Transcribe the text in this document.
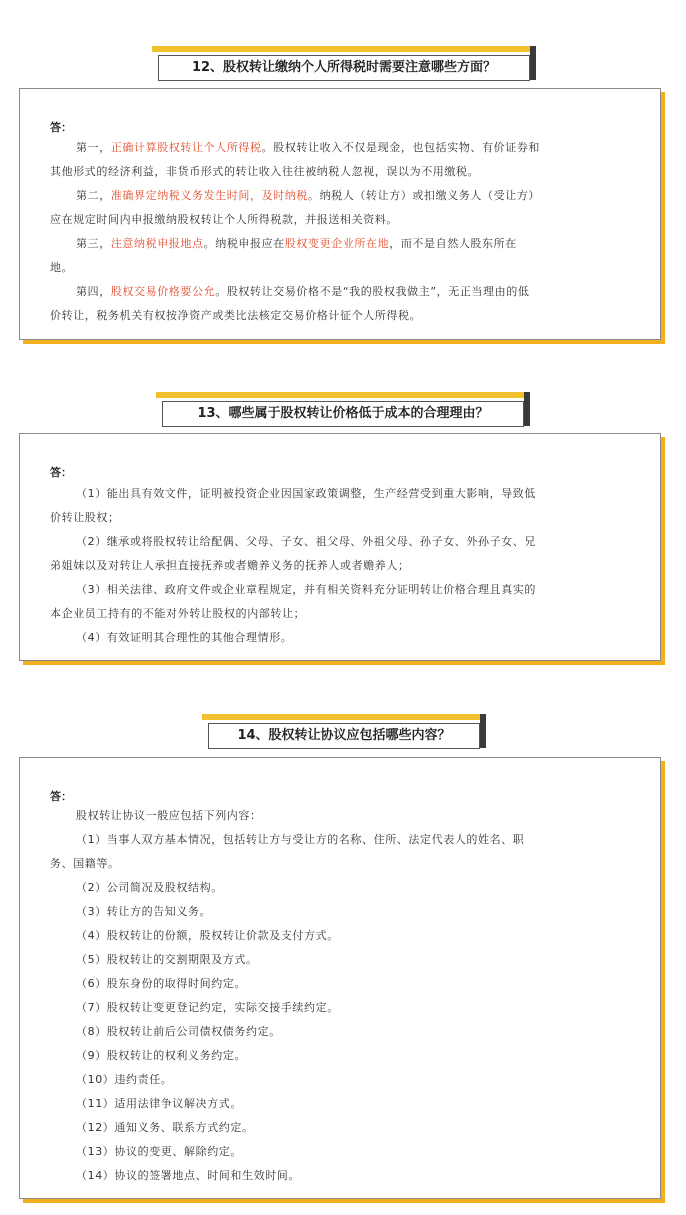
12、股权转让缴纳个人所得税时需要注意哪些方面？
答：
第一，正确计算股权转让个人所得税。股权转让收入不仅是现金，也包括实物、有价证券和
其他形式的经济利益，非货币形式的转让收入往往被纳税人忽视，误以为不用缴税。
第二，准确界定纳税义务发生时间，及时纳税。纳税人（转让方）或扣缴义务人（受让方）
应在规定时间内申报缴纳股权转让个人所得税款，并报送相关资料。
第三，注意纳税申报地点。纳税申报应在股权变更企业所在地，而不是自然人股东所在
地。
第四，股权交易价格要公允。股权转让交易价格不是“我的股权我做主”，无正当理由的低
价转让，税务机关有权按净资产或类比法核定交易价格计征个人所得税。
13、哪些属于股权转让价格低于成本的合理理由？
答：
（1）能出具有效文件，证明被投资企业因国家政策调整，生产经营受到重大影响，导致低
价转让股权；
（2）继承或将股权转让给配偶、父母、子女、祖父母、外祖父母、孙子女、外孙子女、兄
弟姐妹以及对转让人承担直接抚养或者赡养义务的抚养人或者赡养人；
（3）相关法律、政府文件或企业章程规定，并有相关资料充分证明转让价格合理且真实的
本企业员工持有的不能对外转让股权的内部转让；
（4）有效证明其合理性的其他合理情形。
14、股权转让协议应包括哪些内容？
答：
股权转让协议一般应包括下列内容：
（1）当事人双方基本情况，包括转让方与受让方的名称、住所、法定代表人的姓名、职
务、国籍等。
（2）公司简况及股权结构。
（3）转让方的告知义务。
（4）股权转让的份额，股权转让价款及支付方式。
（5）股权转让的交割期限及方式。
（6）股东身份的取得时间约定。
（7）股权转让变更登记约定，实际交接手续约定。
（8）股权转让前后公司债权债务约定。
（9）股权转让的权利义务约定。
（10）违约责任。
（11）适用法律争议解决方式。
（12）通知义务、联系方式约定。
（13）协议的变更、解除约定。
（14）协议的签署地点、时间和生效时间。
